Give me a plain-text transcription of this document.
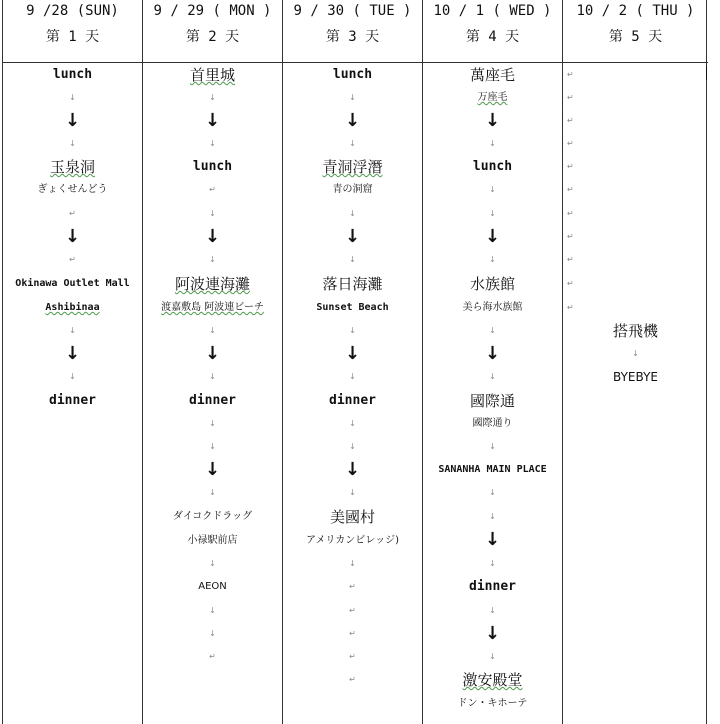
9 /28 (SUN)
第 1 天
9 / 29 ( MON )
第 2 天
9 / 30 ( TUE )
第 3 天
10 / 1 ( WED )
第 4 天
10 / 2 ( THU )
第 5 天
lunch
↓
↓
↓
玉泉洞
ぎょくせんどう
↵
↓
↵
Okinawa Outlet Mall
Ashibinaa
↓
↓
↓
dinner
首里城
↓
↓
↓
lunch
↵
↓
↓
↓
阿波連海灘
渡嘉敷島 阿波連ビーチ
↓
↓
↓
dinner
↓
↓
↓
↓
ダイコクドラッグ
小禄駅前店
↓
AEON
↓
↓
↵
lunch
↓
↓
↓
青洞浮潛
青の洞窟
↓
↓
↓
落日海灘
Sunset Beach
↓
↓
↓
dinner
↓
↓
↓
↓
美國村
アメリカンビレッジ)
↓
↵
↵
↵
↵
↵
萬座毛
万座毛
↓
↓
lunch
↓
↓
↓
↓
水族館
美ら海水族館
↓
↓
↓
國際通
國際通り
↓
SANANHA MAIN PLACE
↓
↓
↓
↓
dinner
↓
↓
↓
激安殿堂
ドン・キホーテ
↵
↵
↵
↵
↵
↵
↵
↵
↵
↵
↵
搭飛機
↓
BYEBYE
